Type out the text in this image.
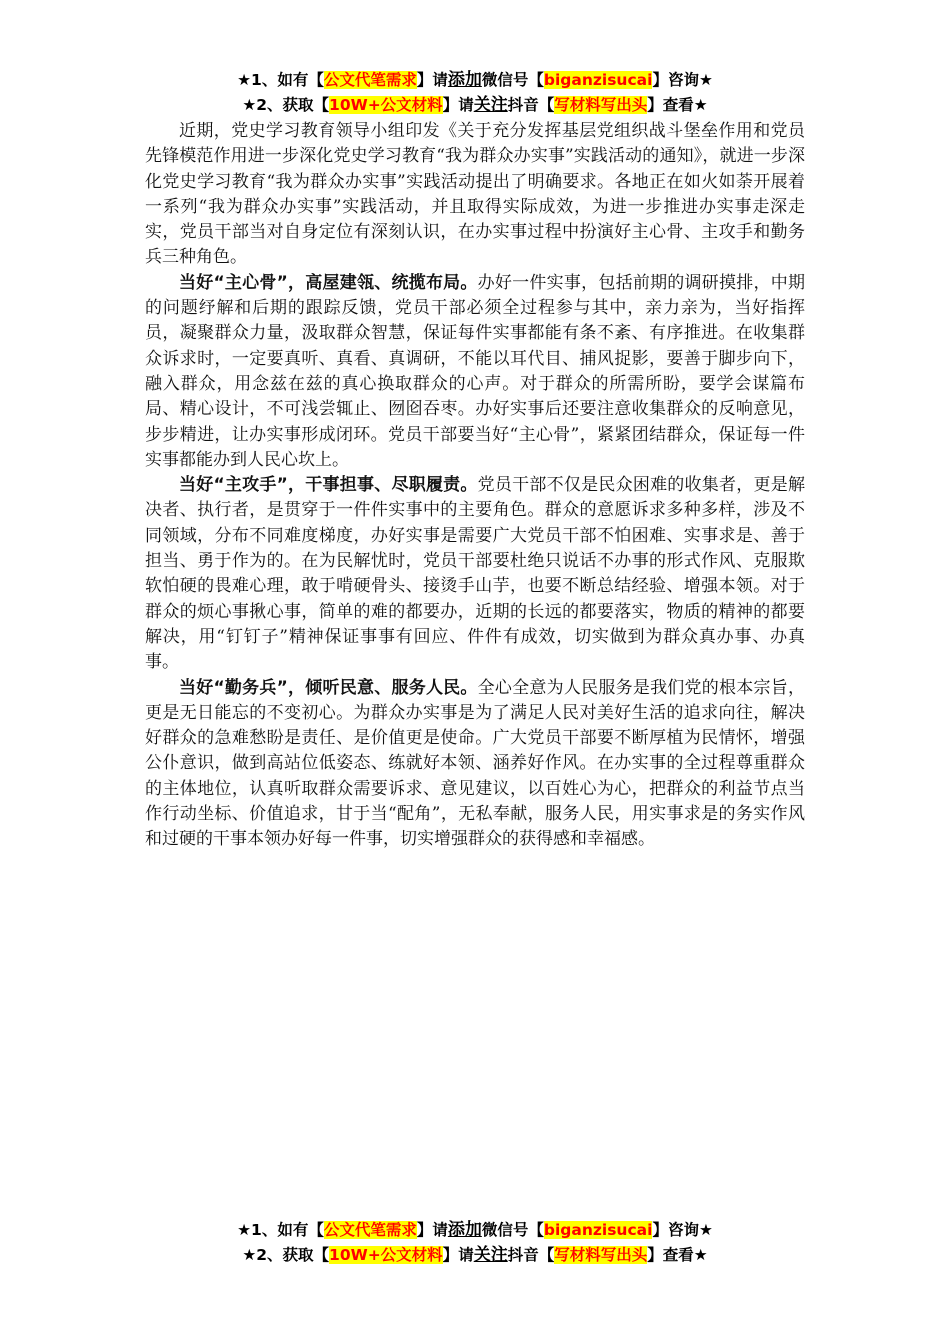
★1、如有【公文代笔需求】请添加微信号【biganzisucai】咨询★
★2、获取【10W+公文材料】请关注抖音【写材料写出头】查看★

近期，党史学习教育领导小组印发《关于充分发挥基层党组织战斗堡垒作用和党员先锋模范作用进一步深化党史学习教育“我为群众办实事”实践活动的通知》，就进一步深化党史学习教育“我为群众办实事”实践活动提出了明确要求。各地正在如火如荼开展着一系列“我为群众办实事”实践活动，并且取得实际成效，为进一步推进办实事走深走实，党员干部当对自身定位有深刻认识，在办实事过程中扮演好主心骨、主攻手和勤务兵三种角色。

当好“主心骨”，高屋建瓴、统揽布局。办好一件实事，包括前期的调研摸排，中期的问题纾解和后期的跟踪反馈，党员干部必须全过程参与其中，亲力亲为，当好指挥员，凝聚群众力量，汲取群众智慧，保证每件实事都能有条不紊、有序推进。在收集群众诉求时，一定要真听、真看、真调研，不能以耳代目、捕风捉影，要善于脚步向下，融入群众，用念兹在兹的真心换取群众的心声。对于群众的所需所盼，要学会谋篇布局、精心设计，不可浅尝辄止、囫囵吞枣。办好实事后还要注意收集群众的反响意见，步步精进，让办实事形成闭环。党员干部要当好“主心骨”，紧紧团结群众，保证每一件实事都能办到人民心坎上。

当好“主攻手”，干事担事、尽职履责。党员干部不仅是民众困难的收集者，更是解决者、执行者，是贯穿于一件件实事中的主要角色。群众的意愿诉求多种多样，涉及不同领域，分布不同难度梯度，办好实事是需要广大党员干部不怕困难、实事求是、善于担当、勇于作为的。在为民解忧时，党员干部要杜绝只说话不办事的形式作风、克服欺软怕硬的畏难心理，敢于啃硬骨头、接烫手山芋，也要不断总结经验、增强本领。对于群众的烦心事揪心事，简单的难的都要办，近期的长远的都要落实，物质的精神的都要解决，用“钉钉子”精神保证事事有回应、件件有成效，切实做到为群众真办事、办真事。

当好“勤务兵”，倾听民意、服务人民。全心全意为人民服务是我们党的根本宗旨，更是无日能忘的不变初心。为群众办实事是为了满足人民对美好生活的追求向往，解决好群众的急难愁盼是责任、是价值更是使命。广大党员干部要不断厚植为民情怀，增强公仆意识，做到高站位低姿态、练就好本领、涵养好作风。在办实事的全过程尊重群众的主体地位，认真听取群众需要诉求、意见建议，以百姓心为心，把群众的利益节点当作行动坐标、价值追求，甘于当“配角”，无私奉献，服务人民，用实事求是的务实作风和过硬的干事本领办好每一件事，切实增强群众的获得感和幸福感。

★1、如有【公文代笔需求】请添加微信号【biganzisucai】咨询★
★2、获取【10W+公文材料】请关注抖音【写材料写出头】查看★
